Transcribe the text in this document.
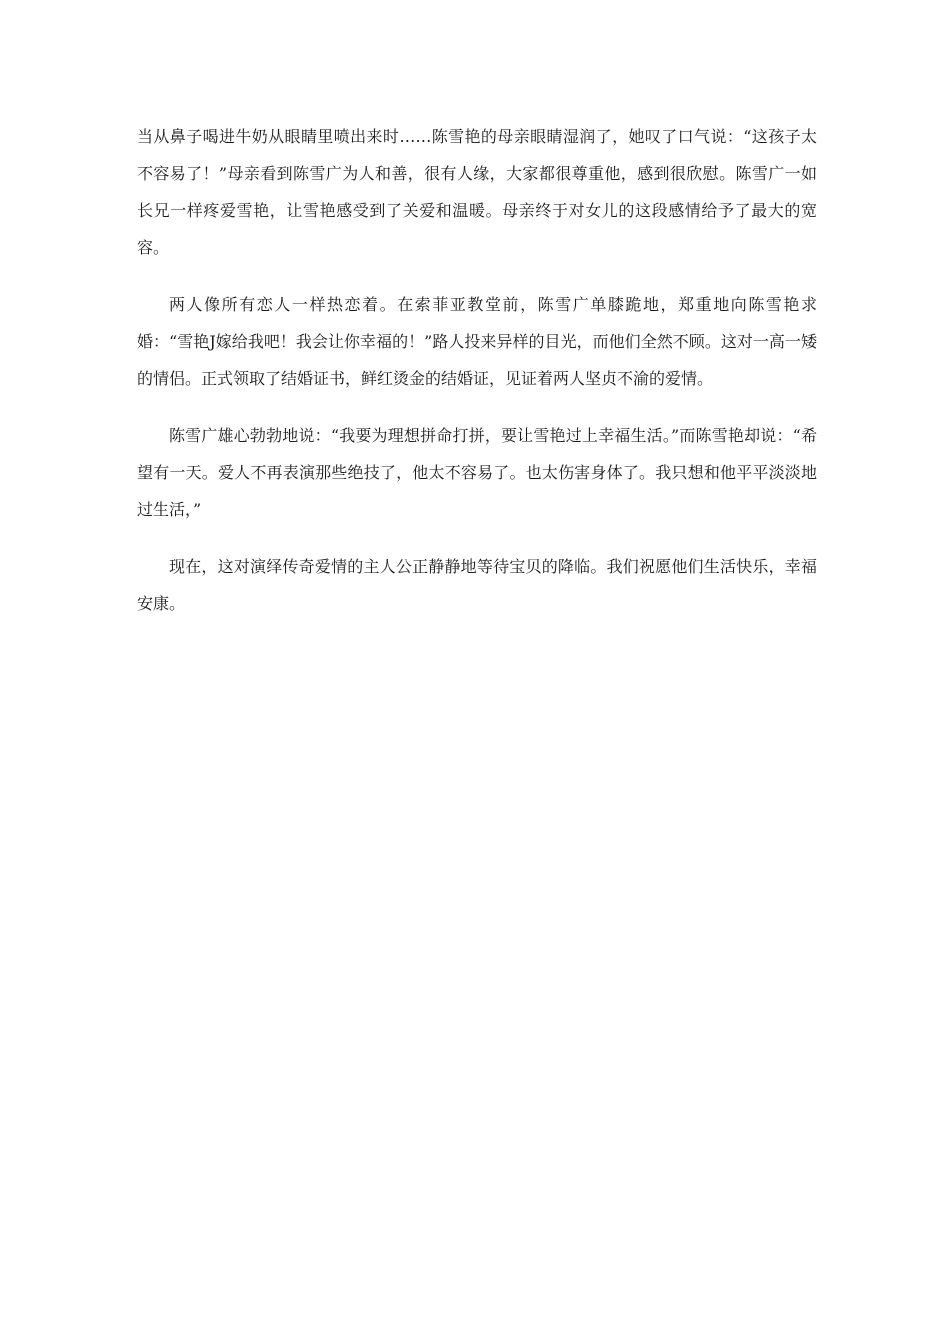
当从鼻子喝进牛奶从眼睛里喷出来时……陈雪艳的母亲眼睛湿润了，她叹了口气说：“这孩子太不容易了！”母亲看到陈雪广为人和善，很有人缘，大家都很尊重他，感到很欣慰。陈雪广一如长兄一样疼爱雪艳，让雪艳感受到了关爱和温暖。母亲终于对女儿的这段感情给予了最大的宽容。

两人像所有恋人一样热恋着。在索菲亚教堂前，陈雪广单膝跪地，郑重地向陈雪艳求婚：“雪艳J嫁给我吧！我会让你幸福的！”路人投来异样的目光，而他们全然不顾。这对一高一矮的情侣。正式领取了结婚证书，鲜红烫金的结婚证，见证着两人坚贞不渝的爱情。

陈雪广雄心勃勃地说：“我要为理想拼命打拼，要让雪艳过上幸福生活。”而陈雪艳却说：“希望有一天。爱人不再表演那些绝技了，他太不容易了。也太伤害身体了。我只想和他平平淡淡地过生活，”

现在，这对演绎传奇爱情的主人公正静静地等待宝贝的降临。我们祝愿他们生活快乐，幸福安康。
